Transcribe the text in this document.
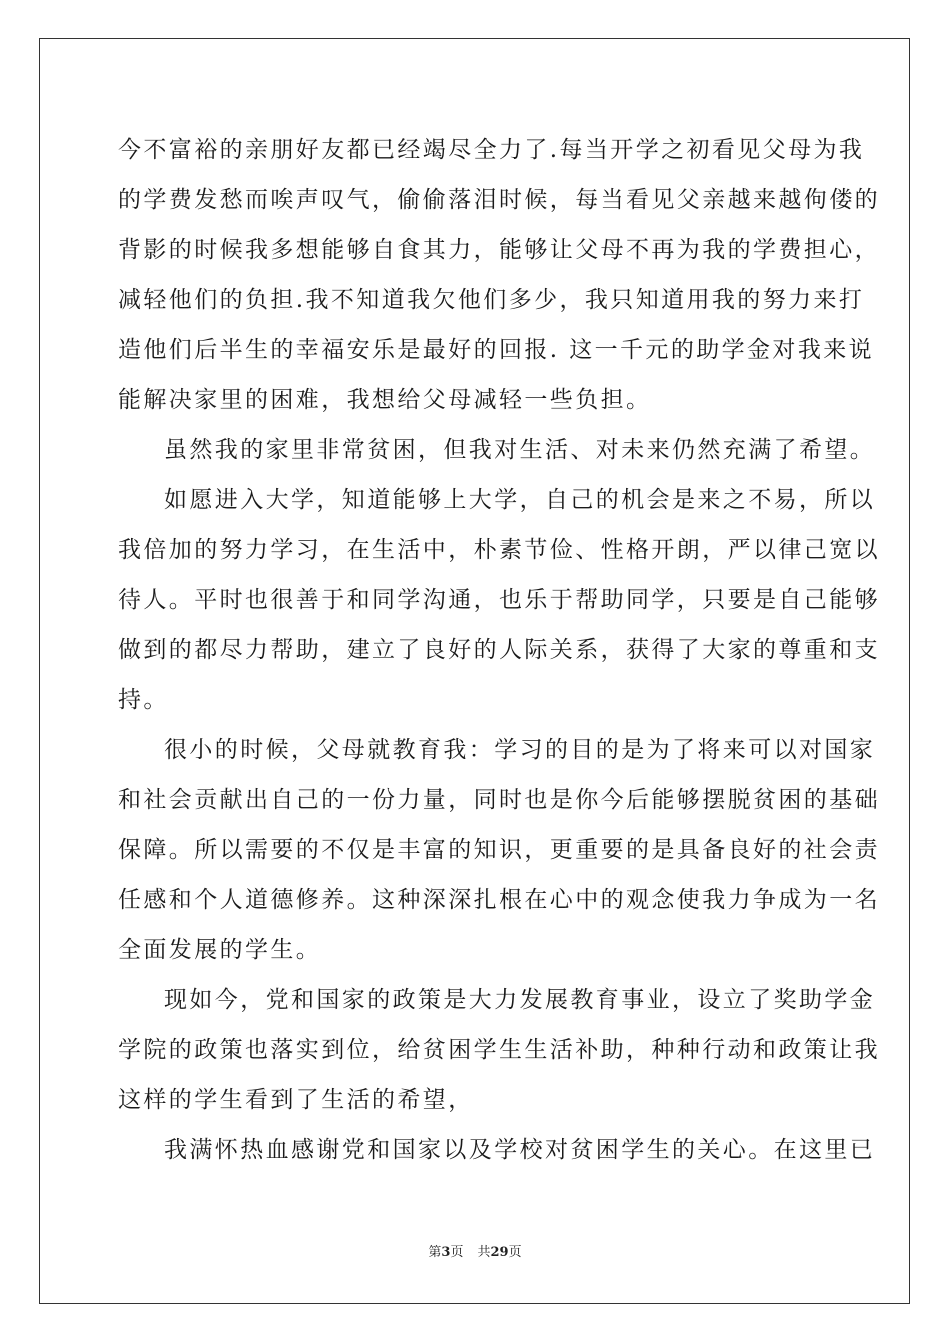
今不富裕的亲朋好友都已经竭尽全力了.每当开学之初看见父母为我
的学费发愁而唉声叹气，偷偷落泪时候，每当看见父亲越来越佝偻的
背影的时候我多想能够自食其力，能够让父母不再为我的学费担心，
减轻他们的负担.我不知道我欠他们多少，我只知道用我的努力来打
造他们后半生的幸福安乐是最好的回报. 这一千元的助学金对我来说
能解决家里的困难，我想给父母减轻一些负担。
虽然我的家里非常贫困，但我对生活、对未来仍然充满了希望。
如愿进入大学，知道能够上大学，自己的机会是来之不易，所以
我倍加的努力学习，在生活中，朴素节俭、性格开朗，严以律己宽以
待人。平时也很善于和同学沟通，也乐于帮助同学，只要是自己能够
做到的都尽力帮助，建立了良好的人际关系，获得了大家的尊重和支
持。
很小的时候，父母就教育我：学习的目的是为了将来可以对国家
和社会贡献出自己的一份力量，同时也是你今后能够摆脱贫困的基础
保障。所以需要的不仅是丰富的知识，更重要的是具备良好的社会责
任感和个人道德修养。这种深深扎根在心中的观念使我力争成为一名
全面发展的学生。
现如今，党和国家的政策是大力发展教育事业，设立了奖助学金
学院的政策也落实到位，给贫困学生生活补助，种种行动和政策让我
这样的学生看到了生活的希望，
我满怀热血感谢党和国家以及学校对贫困学生的关心。在这里已
第3页 共29页
